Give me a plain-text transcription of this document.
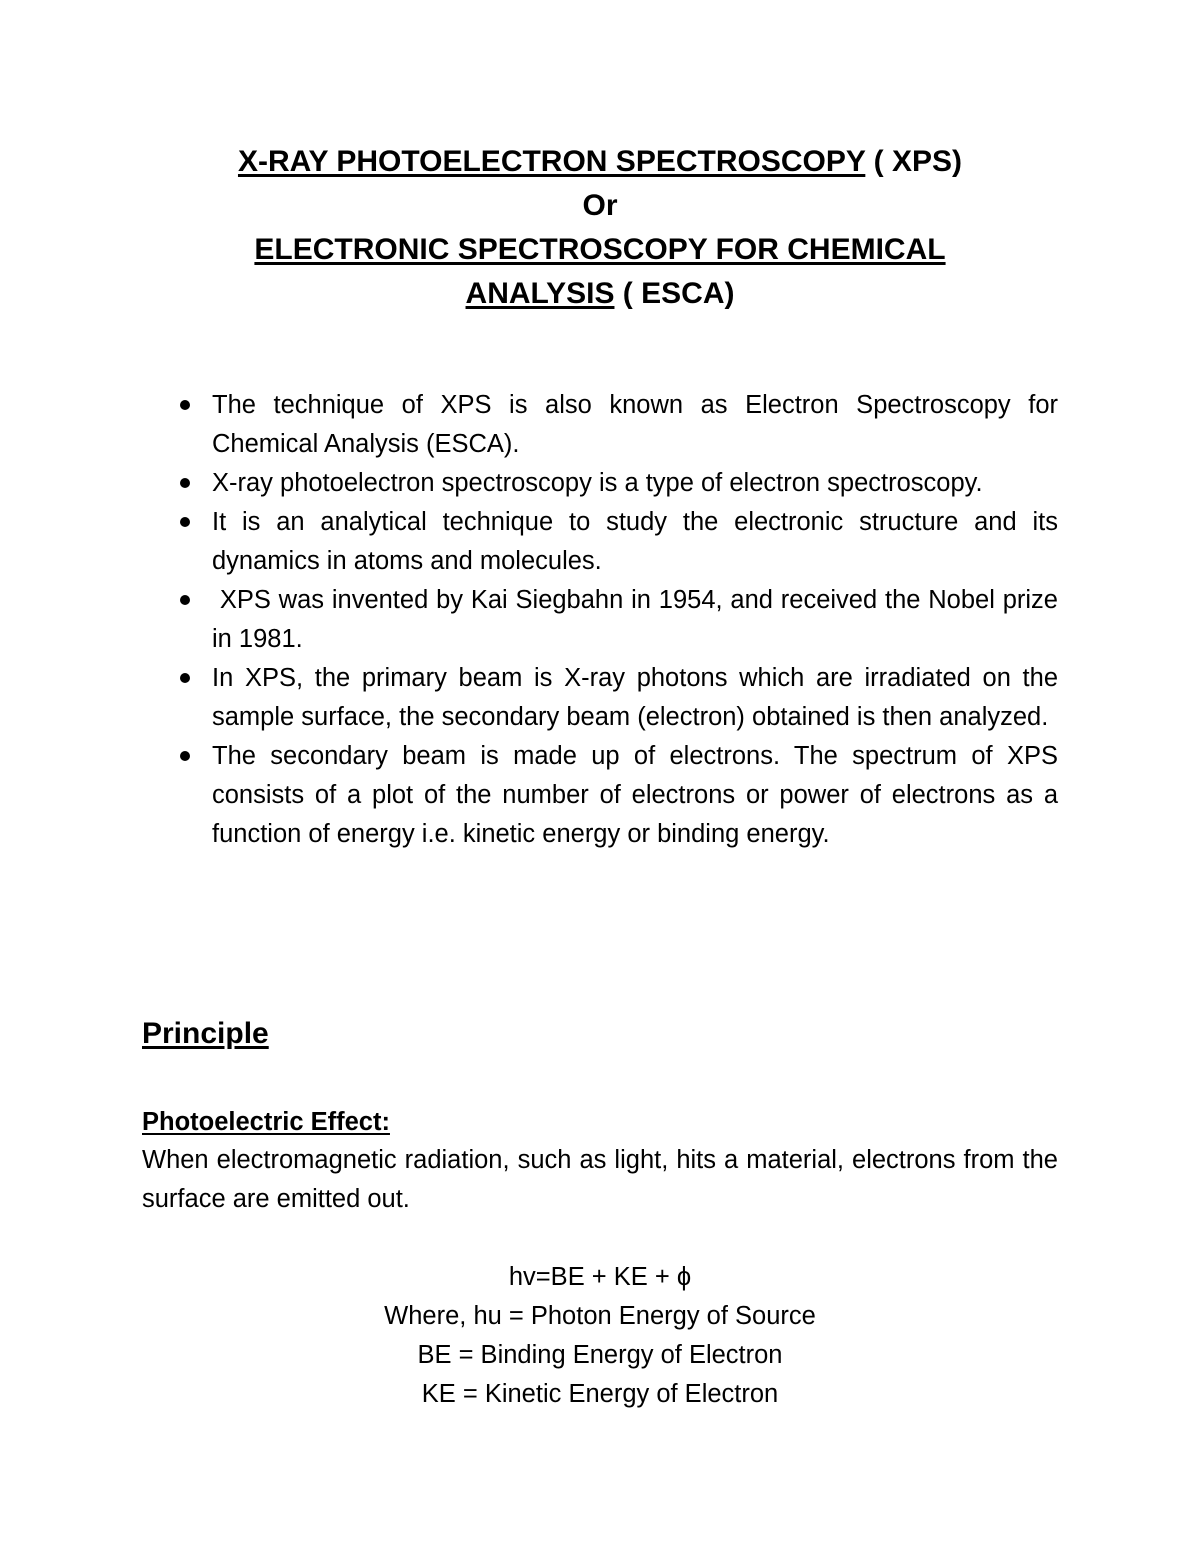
X-RAY PHOTOELECTRON SPECTROSCOPY ( XPS)
Or
ELECTRONIC SPECTROSCOPY FOR CHEMICAL
ANALYSIS ( ESCA)
The technique of XPS is also known as Electron Spectroscopy for Chemical Analysis (ESCA).
X-ray photoelectron spectroscopy is a type of electron spectroscopy.
It is an analytical technique to study the electronic structure and its dynamics in atoms and molecules.
XPS was invented by Kai Siegbahn in 1954, and received the Nobel prize in 1981.
In XPS, the primary beam is X-ray photons which are irradiated on the sample surface, the secondary beam (electron) obtained is then analyzed.
The secondary beam is made up of electrons. The spectrum of XPS consists of a plot of the number of electrons or power of electrons as a function of energy i.e. kinetic energy or binding energy.
Principle
Photoelectric Effect:
When electromagnetic radiation, such as light, hits a material, electrons from the surface are emitted out.
hv=BE + KE + ϕ
Where, hu = Photon Energy of Source
BE = Binding Energy of Electron
KE = Kinetic Energy of Electron
